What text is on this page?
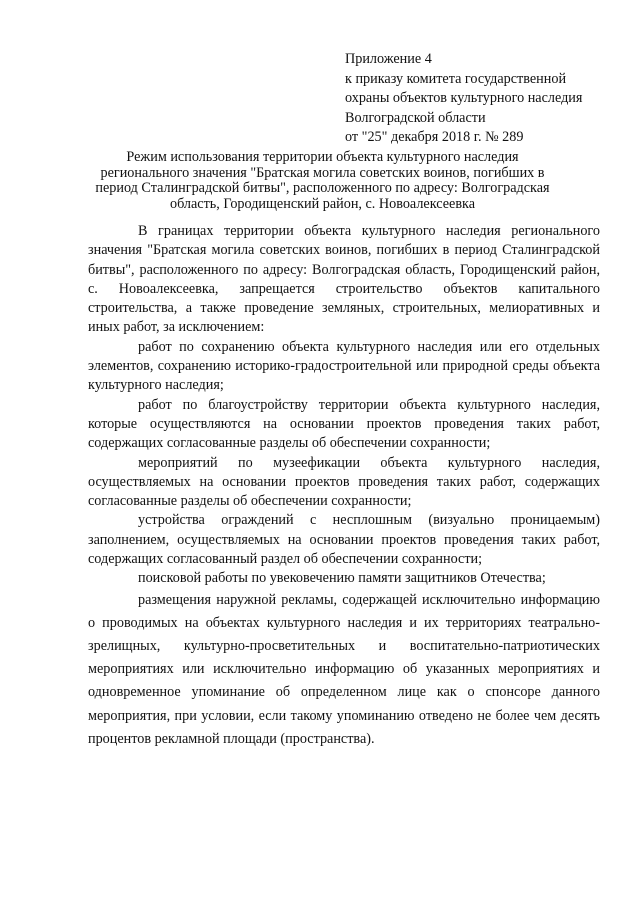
Приложение 4
к приказу комитета государственной
охраны объектов культурного наследия
Волгоградской области
от "25" декабря 2018 г. № 289
Режим использования территории объекта культурного наследия регионального значения "Братская могила советских воинов, погибших в период Сталинградской битвы", расположенного по адресу: Волгоградская область, Городищенский район, с. Новоалексеевка

В границах территории объекта культурного наследия регионального значения "Братская могила советских воинов, погибших в период Сталинградской битвы", расположенного по адресу: Волгоградская область, Городищенский район, с. Новоалексеевка, запрещается строительство объектов капитального строительства, а также проведение земляных, строительных, мелиоративных и иных работ, за исключением:

работ по сохранению объекта культурного наследия или его отдельных элементов, сохранению историко-градостроительной или природной среды объекта культурного наследия;

работ по благоустройству территории объекта культурного наследия, которые осуществляются на основании проектов проведения таких работ, содержащих согласованные разделы об обеспечении сохранности;

мероприятий по музеефикации объекта культурного наследия, осуществляемых на основании проектов проведения таких работ, содержащих согласованные разделы об обеспечении сохранности;

устройства ограждений с несплошным (визуально проницаемым) заполнением, осуществляемых на основании проектов проведения таких работ, содержащих согласованный раздел об обеспечении сохранности;

поисковой работы по увековечению памяти защитников Отечества;

размещения наружной рекламы, содержащей исключительно информацию о проводимых на объектах культурного наследия и их территориях театрально-зрелищных, культурно-просветительных и воспитательно-патриотических мероприятиях или исключительно информацию об указанных мероприятиях и одновременное упоминание об определенном лице как о спонсоре данного мероприятия, при условии, если такому упоминанию отведено не более чем десять процентов рекламной площади (пространства).
